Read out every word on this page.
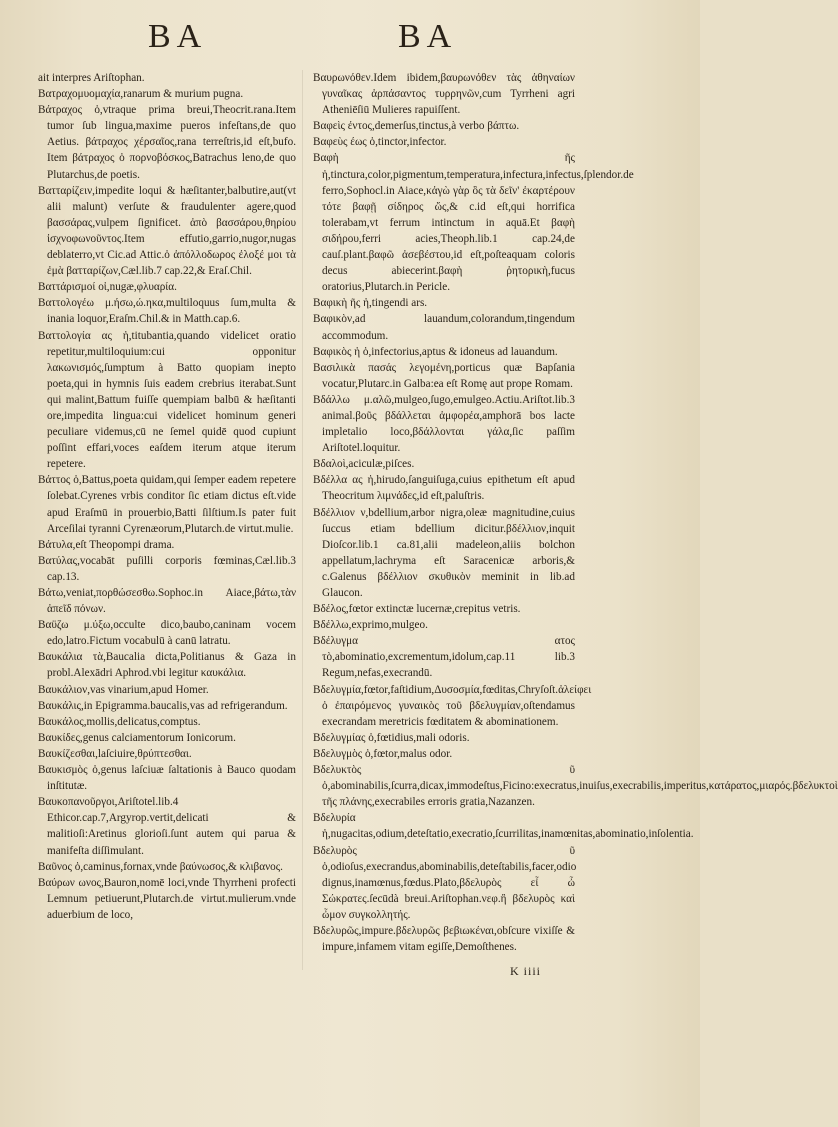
BA	BA

ait interpres Ariſtophan.

Βατραχομυομαχία,ranarum & murium pugna.

Βάτραχος ὁ,vtraque prima breui,Theocrit.rana.Item tumor ſub lingua,maxime pueros infeſtans,de quo Aetius. βάτραχος χέρσαῖος,rana terreſtris,id eſt,bufo. Item βάτραχος ὁ πορνοβόσκος,Batrachus leno,de quo Plutarchus,de poetis.

Βατταρίζειν,impedite loqui & hæſitanter,balbutire,aut(vt alii malunt) verſute & fraudulenter agere,quod βασσάρας,vulpem ſignificet. ἀπὸ βασσάρου,θηρίου ἰσχνοφωνοῦντος.Item effutio,garrio,nugor,nugas deblaterro,vt Cic.ad Attic.ὁ ἀπόλλοδωρος ἐλοξέ μοι τὰ ἐμὰ βατταρίζων,Cæl.lib.7 cap.22,& Eraſ.Chil.

Βαττάρισμοί οἱ,nugæ,φλυαρία.

Βαττολογέω μ.ήσω,ώ.ηκα,multiloquus ſum,multa & inania loquor,Eraſm.Chil.& in Matth.cap.6.

Βαττολογία ας ἡ,titubantia,quando videlicet oratio repetitur,multiloquium:cui opponitur λακωνισμός,ſumptum à Batto quopiam inepto poeta,qui in hymnis ſuis eadem crebrius iterabat.Sunt qui malint,Battum fuiſſe quempiam balbū & hæſitanti ore,impedita lingua:cui videlicet hominum generi peculiare videmus,cū ne ſemel quidē quod cupiunt poſſint effari,voces eaſdem iterum atque iterum repetere.

Βάττος ὁ,Battus,poeta quidam,qui ſemper eadem repetere ſolebat.Cyrenes vrbis conditor ſic etiam dictus eſt.vide apud Eraſmū in prouerbio,Batti ſilſtium.Is pater fuit Arceſilai tyranni Cyrenæorum,Plutarch.de virtut.mulie.

Βάτυλα,eſt Theopompi drama.

Βατύλας,vocabāt puſilli corporis fœminas,Cæl.lib.3 cap.13.

Βάτω,veniat,πορθώσεσθω.Sophoc.in Aiace,βάτω,τὰν ἀπεῖδ πόνων.

Βαϋζω μ.ύξω,occulte dico,baubo,caninam vocem edo,latro.Fictum vocabulū à canū latratu.

Βαυκάλια τὰ,Baucalia dicta,Politianus & Gaza in probl.Alexādri Aphrod.vbi legitur καυκάλια.

Βαυκάλιον,vas vinarium,apud Homer.

Βαυκάλις,in Epigramma.baucalis,vas ad refrigerandum.

Βαυκάλος,mollis,delicatus,comptus.

Βαυκίδες,genus calciamentorum Ionicorum.

Βαυκίζεσθαι,laſciuire,θρύπτεσθαι.

Βαυκισμὸς ὁ,genus laſciuæ ſaltationis à Bauco quodam inſtitutæ.

Βαυκοπανοῦργοι,Ariſtotel.lib.4 Ethicor.cap.7,Argyrop.vertit,delicati & malitioſi:Aretinus glorioſi.ſunt autem qui parua & manifeſta diſſimulant.

Βαῦνος ὁ,caminus,fornax,vnde βαύνωσος,& κλιβανος.

Βαύρων ωνος,Bauron,nomē loci,vnde Thyrrheni profecti Lemnum petiuerunt,Plutarch.de virtut.mulierum.vnde aduerbium de loco,

Βαυρωνόθεν.Idem ibidem,βαυρωνόθεν τὰς ἀθηναίων γυναῖκας ἁρπάσαντος τυρρηνῶν,cum Tyrrheni agri Atheniēſiū Mulieres rapuiſſent.

Βαφεὶς έντος,demerſus,tinctus,à verbo βάπτω.

Βαφεὺς έως ὁ,tinctor,infector.

Βαφὴ ῆς ἡ,tinctura,color,pigmentum,temperatura,infectura,infectus,ſplendor.de ferro,Sophocl.in Aiace,κἀγὼ γὰρ ὃς τὰ δεῖν' ἐκαρτέρουν τότε βαφῇ σίδηρος ὥς,& c.id eſt,qui horrifica tolerabam,vt ferrum intinctum in aquā.Et βαφὴ σιδήρου,ferri acies,Theoph.lib.1 cap.24,de cauſ.plant.βαφῶ ἀσεβέστου,id eſt,poſteaquam coloris decus abiecerint.βαφὴ ῥητορικὴ,fucus oratorius,Plutarch.in Pericle.

Βαφικὴ ῆς ἡ,tingendi ars.

Βαφικὸν,ad lauandum,colorandum,tingendum accommodum.

Βαφικὸς ἡ ὁ,infectorius,aptus & idoneus ad lauandum.

Βασιλικὰ πασάς λεγομένη,porticus quæ Bapſania vocatur,Plutarc.in Galba:ea eſt Romę aut prope Romam.

Βδάλλω μ.αλῶ,mulgeo,ſugo,emulgeo.Actiu.Ariſtot.lib.3 animal.βοῦς βδάλλεται ἀμφορέα,amphorā bos lacte impletalio loco,βδάλλονται γάλα,ſic paſſim Ariſtotel.loquitur.

Βδαλοὶ,aciculæ,piſces.

Βδέλλα ας ἡ,hirudo,ſanguiſuga,cuius epithetum eſt apud Theocritum λιμνάδες,id eſt,paluſtris.

Βδέλλιον ν,bdellium,arbor nigra,oleæ magnitudine,cuius ſuccus etiam bdellium dicitur.βδέλλιον,inquit Dioſcor.lib.1 ca.81,alii madeleon,aliis bolchon appellatum,lachryma eſt Saracenicæ arboris,& c.Galenus βδέλλιον σκυθικὸν meminit in lib.ad Glaucon.

Βδέλος,fœtor extinctæ lucernæ,crepitus vetris.

Βδέλλω,exprimo,mulgeo.

Βδέλυγμα ατος τὸ,abominatio,excrementum,idolum,cap.11 lib.3 Regum,nefas,execrandū.

Βδελυγμία,fœtor,faſtidium,Δυσοσμία,fœditas,Chryſoſt.ἀλείφει ὁ ἐπαιρόμενος γυναικὸς τοῦ βδελυγμίαν,oſtendamus execrandam meretricis fœditatem & abominationem.

Βδελυγμίας ὁ,fœtidius,mali odoris.

Βδελυγμὸς ὁ,fœtor,malus odor.

Βδελυκτὸς ῦ ὁ,abominabilis,ſcurra,dicax,immodeſtus,Ficino:execratus,inuiſus,execrabilis,imperitus,κατάρατος,μιαρός.βδελυκτοὶ τῆς πλάνης,execrabiles erroris gratia,Nazanzen.

Βδελυρία ἡ,nugacitas,odium,deteſtatio,execratio,ſcurrilitas,inamœnitas,abominatio,inſolentia.

Βδελυρὸς ῦ ὁ,odioſus,execrandus,abominabilis,deteſtabilis,facer,odio dignus,inamœnus,fœdus.Plato,βδελυρὸς εἶ ὦ Σώκρατες.ſecūdà breui.Ariſtophan.νεφ.ἢ βδελυρὸς καὶ ὦμον συγκολλητής.

Βδελυρῶς,impure.βδελυρῶς βεβιωκέναι,obſcure vixiſſe & impure,infamem vitam egiſſe,Demoſthenes.

K iiii
